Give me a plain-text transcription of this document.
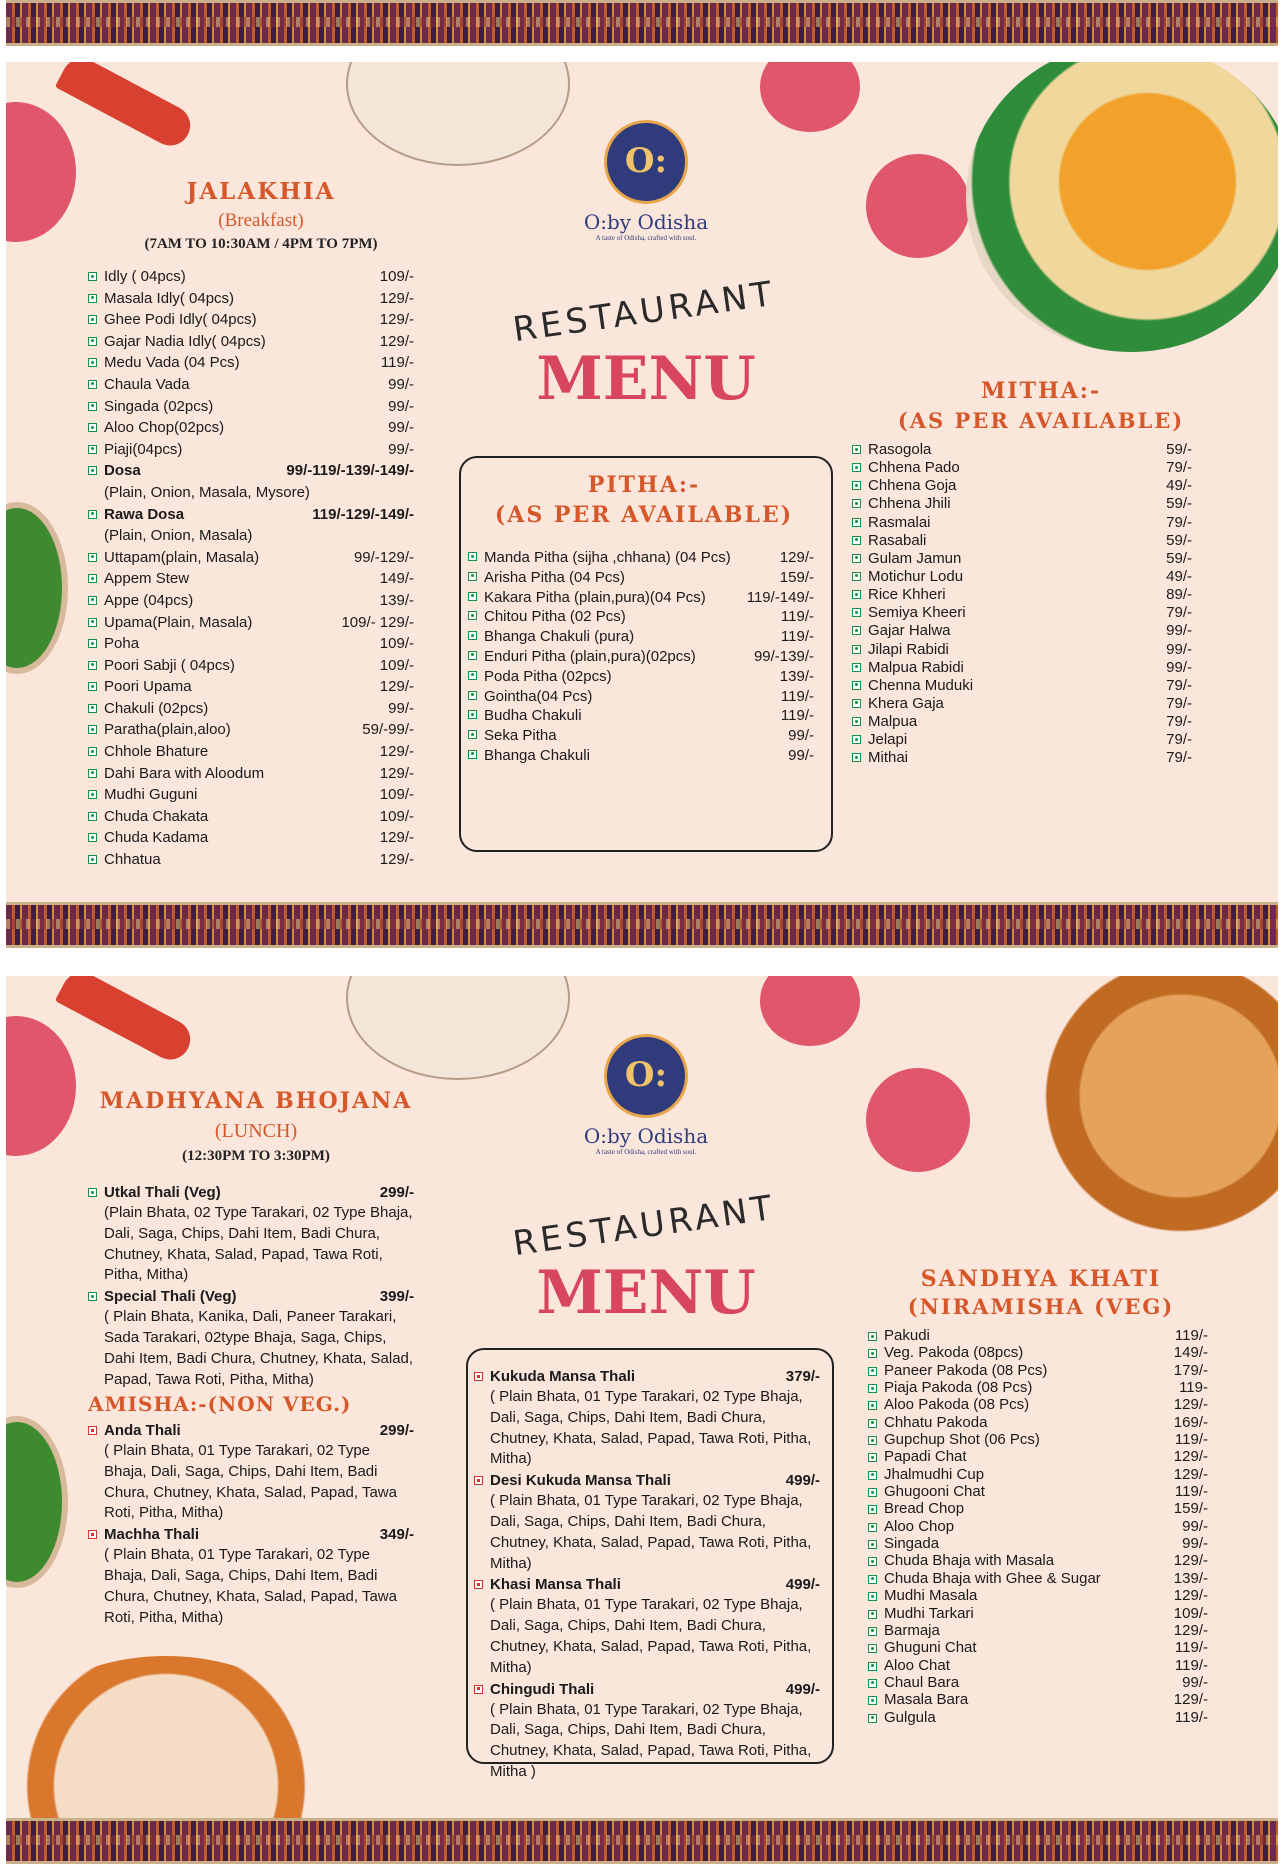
O:
O:by Odisha
A taste of Odisha, crafted with soul.
RESTAURANT
MENU
JALAKHIA
(Breakfast)
(7AM TO 10:30AM / 4PM TO 7PM)
Idly ( 04pcs)	109/-
Masala Idly( 04pcs)	129/-
Ghee Podi Idly( 04pcs)	129/-
Gajar Nadia Idly( 04pcs)	129/-
Medu Vada (04 Pcs)	119/-
Chaula Vada	99/-
Singada (02pcs)	99/-
Aloo Chop(02pcs)	99/-
Piaji(04pcs)	99/-
Dosa	99/-119/-139/-149/-
(Plain, Onion, Masala, Mysore)
Rawa Dosa	119/-129/-149/-
(Plain, Onion, Masala)
Uttapam(plain, Masala)	99/-129/-
Appem Stew	149/-
Appe (04pcs)	139/-
Upama(Plain, Masala)	109/- 129/-
Poha	109/-
Poori Sabji ( 04pcs)	109/-
Poori Upama	129/-
Chakuli (02pcs)	99/-
Paratha(plain,aloo)	59/-99/-
Chhole Bhature	129/-
Dahi Bara with Aloodum	129/-
Mudhi Guguni	109/-
Chuda Chakata	109/-
Chuda Kadama	129/-
Chhatua	129/-
PITHA:-
(AS PER AVAILABLE)
Manda Pitha (sijha ,chhana) (04 Pcs)	129/-
Arisha Pitha (04 Pcs)	159/-
Kakara Pitha (plain,pura)(04 Pcs)	119/-149/-
Chitou Pitha (02 Pcs)	119/-
Bhanga Chakuli (pura)	119/-
Enduri Pitha (plain,pura)(02pcs)	99/-139/-
Poda Pitha (02pcs)	139/-
Gointha(04 Pcs)	119/-
Budha Chakuli	119/-
Seka Pitha	99/-
Bhanga Chakuli	99/-
MITHA:-
(AS PER AVAILABLE)
Rasogola	59/-
Chhena Pado	79/-
Chhena Goja	49/-
Chhena Jhili	59/-
Rasmalai	79/-
Rasabali	59/-
Gulam Jamun	59/-
Motichur Lodu	49/-
Rice Khheri	89/-
Semiya Kheeri	79/-
Gajar Halwa	99/-
Jilapi Rabidi	99/-
Malpua Rabidi	99/-
Chenna Muduki	79/-
Khera Gaja	79/-
Malpua	79/-
Jelapi	79/-
Mithai	79/-
O:
O:by Odisha
A taste of Odisha, crafted with soul.
RESTAURANT
MENU
MADHYANA BHOJANA
(LUNCH)
(12:30PM TO 3:30PM)
Utkal Thali (Veg)	299/-
(Plain Bhata, 02 Type Tarakari, 02 Type Bhaja, Dali, Saga, Chips, Dahi Item, Badi Chura, Chutney, Khata, Salad, Papad, Tawa Roti, Pitha, Mitha)
Special Thali (Veg)	399/-
( Plain Bhata, Kanika, Dali, Paneer Tarakari, Sada Tarakari, 02type Bhaja, Saga, Chips, Dahi Item, Badi Chura, Chutney, Khata, Salad, Papad, Tawa Roti, Pitha, Mitha)
AMISHA:-(NON VEG.)
Anda Thali	299/-
( Plain Bhata, 01 Type Tarakari, 02 Type Bhaja, Dali, Saga, Chips, Dahi Item, Badi Chura, Chutney, Khata, Salad, Papad, Tawa Roti, Pitha, Mitha)
Machha Thali	349/-
( Plain Bhata, 01 Type Tarakari, 02 Type Bhaja, Dali, Saga, Chips, Dahi Item, Badi Chura, Chutney, Khata, Salad, Papad, Tawa Roti, Pitha, Mitha)
Kukuda Mansa Thali	379/-
( Plain Bhata, 01 Type Tarakari, 02 Type Bhaja, Dali, Saga, Chips, Dahi Item, Badi Chura, Chutney, Khata, Salad, Papad, Tawa Roti, Pitha, Mitha)
Desi Kukuda Mansa Thali	499/-
( Plain Bhata, 01 Type Tarakari, 02 Type Bhaja, Dali, Saga, Chips, Dahi Item, Badi Chura, Chutney, Khata, Salad, Papad, Tawa Roti, Pitha, Mitha)
Khasi Mansa Thali	499/-
( Plain Bhata, 01 Type Tarakari, 02 Type Bhaja, Dali, Saga, Chips, Dahi Item, Badi Chura, Chutney, Khata, Salad, Papad, Tawa Roti, Pitha, Mitha)
Chingudi Thali	499/-
( Plain Bhata, 01 Type Tarakari, 02 Type Bhaja, Dali, Saga, Chips, Dahi Item, Badi Chura, Chutney, Khata, Salad, Papad, Tawa Roti, Pitha, Mitha )
SANDHYA KHATI
(NIRAMISHA (VEG)
Pakudi	119/-
Veg. Pakoda (08pcs)	149/-
Paneer Pakoda (08 Pcs)	179/-
Piaja Pakoda (08 Pcs)	119-
Aloo Pakoda (08 Pcs)	129/-
Chhatu Pakoda	169/-
Gupchup Shot (06 Pcs)	119/-
Papadi Chat	129/-
Jhalmudhi Cup	129/-
Ghugooni Chat	119/-
Bread Chop	159/-
Aloo Chop	99/-
Singada	99/-
Chuda Bhaja with Masala	129/-
Chuda Bhaja with Ghee & Sugar	139/-
Mudhi Masala	129/-
Mudhi Tarkari	109/-
Barmaja	129/-
Ghuguni Chat	119/-
Aloo Chat	119/-
Chaul Bara	99/-
Masala Bara	129/-
Gulgula	119/-
